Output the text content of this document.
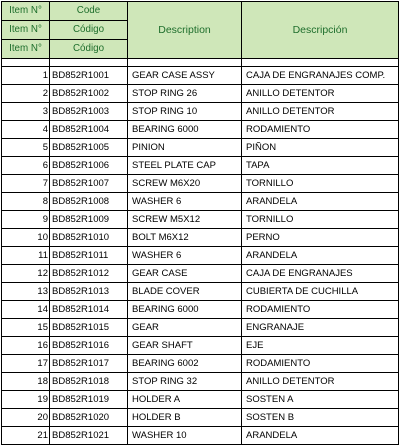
Item N°	Code	Description	Descripción
Item N°	Código		
Item N°	Código		

1	BD852R1001	GEAR CASE ASSY	CAJA DE ENGRANAJES COMP.
2	BD852R1002	STOP RING 26	ANILLO DETENTOR
3	BD852R1003	STOP RING 10	ANILLO DETENTOR
4	BD852R1004	BEARING 6000	RODAMIENTO
5	BD852R1005	PINION	PIÑON
6	BD852R1006	STEEL PLATE CAP	TAPA
7	BD852R1007	SCREW M6X20	TORNILLO
8	BD852R1008	WASHER 6	ARANDELA
9	BD852R1009	SCREW M5X12	TORNILLO
10	BD852R1010	BOLT M6X12	PERNO
11	BD852R1011	WASHER 6	ARANDELA
12	BD852R1012	GEAR CASE	CAJA DE ENGRANAJES
13	BD852R1013	BLADE COVER	CUBIERTA DE CUCHILLA
14	BD852R1014	BEARING 6000	RODAMIENTO
15	BD852R1015	GEAR	ENGRANAJE
16	BD852R1016	GEAR SHAFT	EJE
17	BD852R1017	BEARING 6002	RODAMIENTO
18	BD852R1018	STOP RING 32	ANILLO DETENTOR
19	BD852R1019	HOLDER A	SOSTEN A
20	BD852R1020	HOLDER B	SOSTEN B
21	BD852R1021	WASHER 10	ARANDELA
